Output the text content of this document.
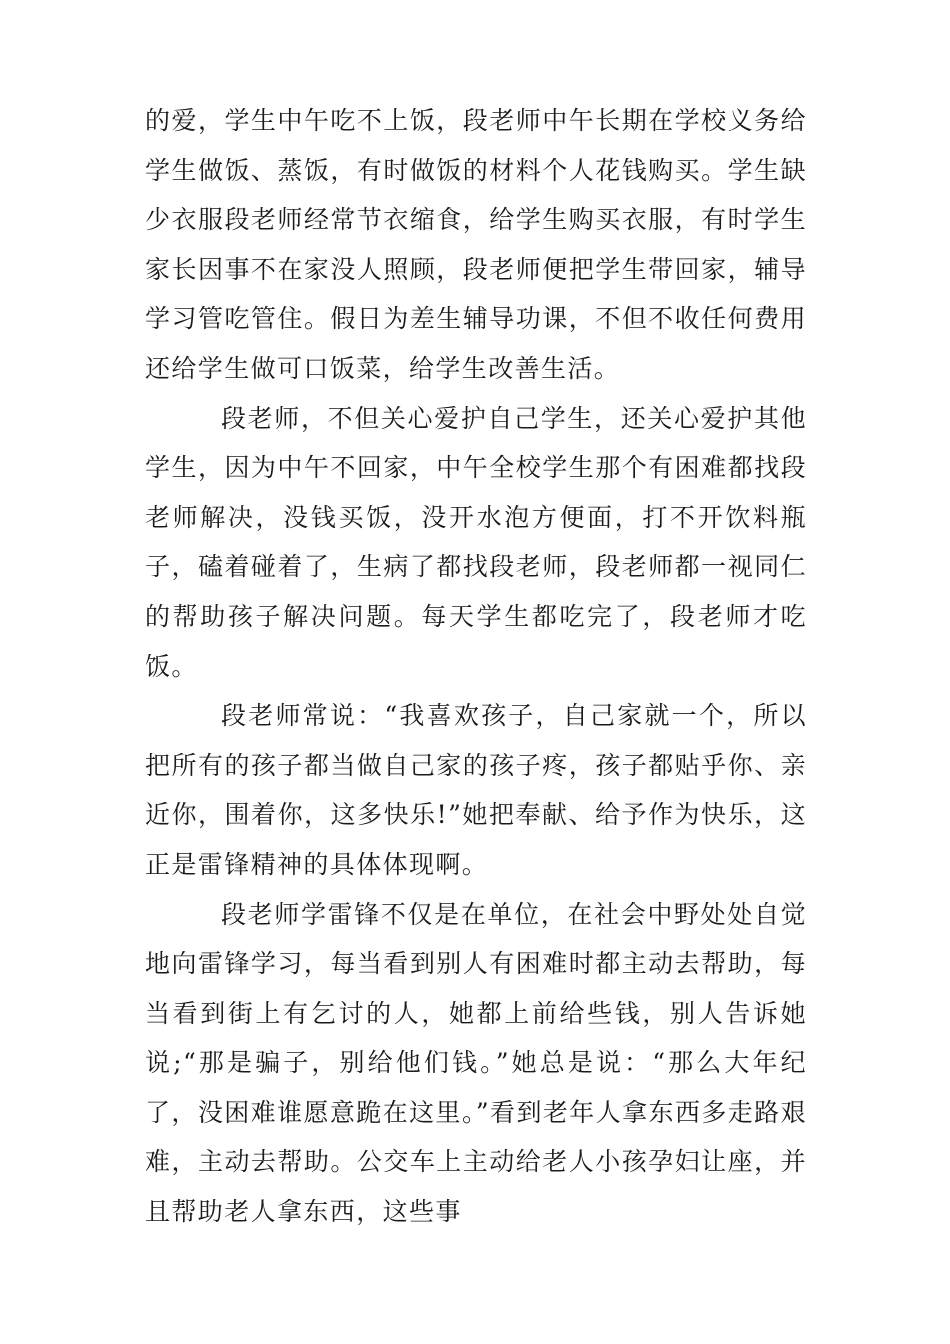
的爱，学生中午吃不上饭，段老师中午长期在学校义务给学生做饭、蒸饭，有时做饭的材料个人花钱购买。学生缺少衣服段老师经常节衣缩食，给学生购买衣服，有时学生家长因事不在家没人照顾，段老师便把学生带回家，辅导学习管吃管住。假日为差生辅导功课，不但不收任何费用还给学生做可口饭菜，给学生改善生活。

段老师，不但关心爱护自己学生，还关心爱护其他学生，因为中午不回家，中午全校学生那个有困难都找段老师解决，没钱买饭，没开水泡方便面，打不开饮料瓶子，磕着碰着了，生病了都找段老师，段老师都一视同仁的帮助孩子解决问题。每天学生都吃完了，段老师才吃饭。

段老师常说：“我喜欢孩子，自己家就一个，所以把所有的孩子都当做自己家的孩子疼，孩子都贴乎你、亲近你，围着你，这多快乐!”她把奉献、给予作为快乐，这正是雷锋精神的具体体现啊。

段老师学雷锋不仅是在单位，在社会中野处处自觉地向雷锋学习，每当看到别人有困难时都主动去帮助，每当看到街上有乞讨的人，她都上前给些钱，别人告诉她说;“那是骗子，别给他们钱。”她总是说：“那么大年纪了，没困难谁愿意跪在这里。”看到老年人拿东西多走路艰难，主动去帮助。公交车上主动给老人小孩孕妇让座，并且帮助老人拿东西，这些事
